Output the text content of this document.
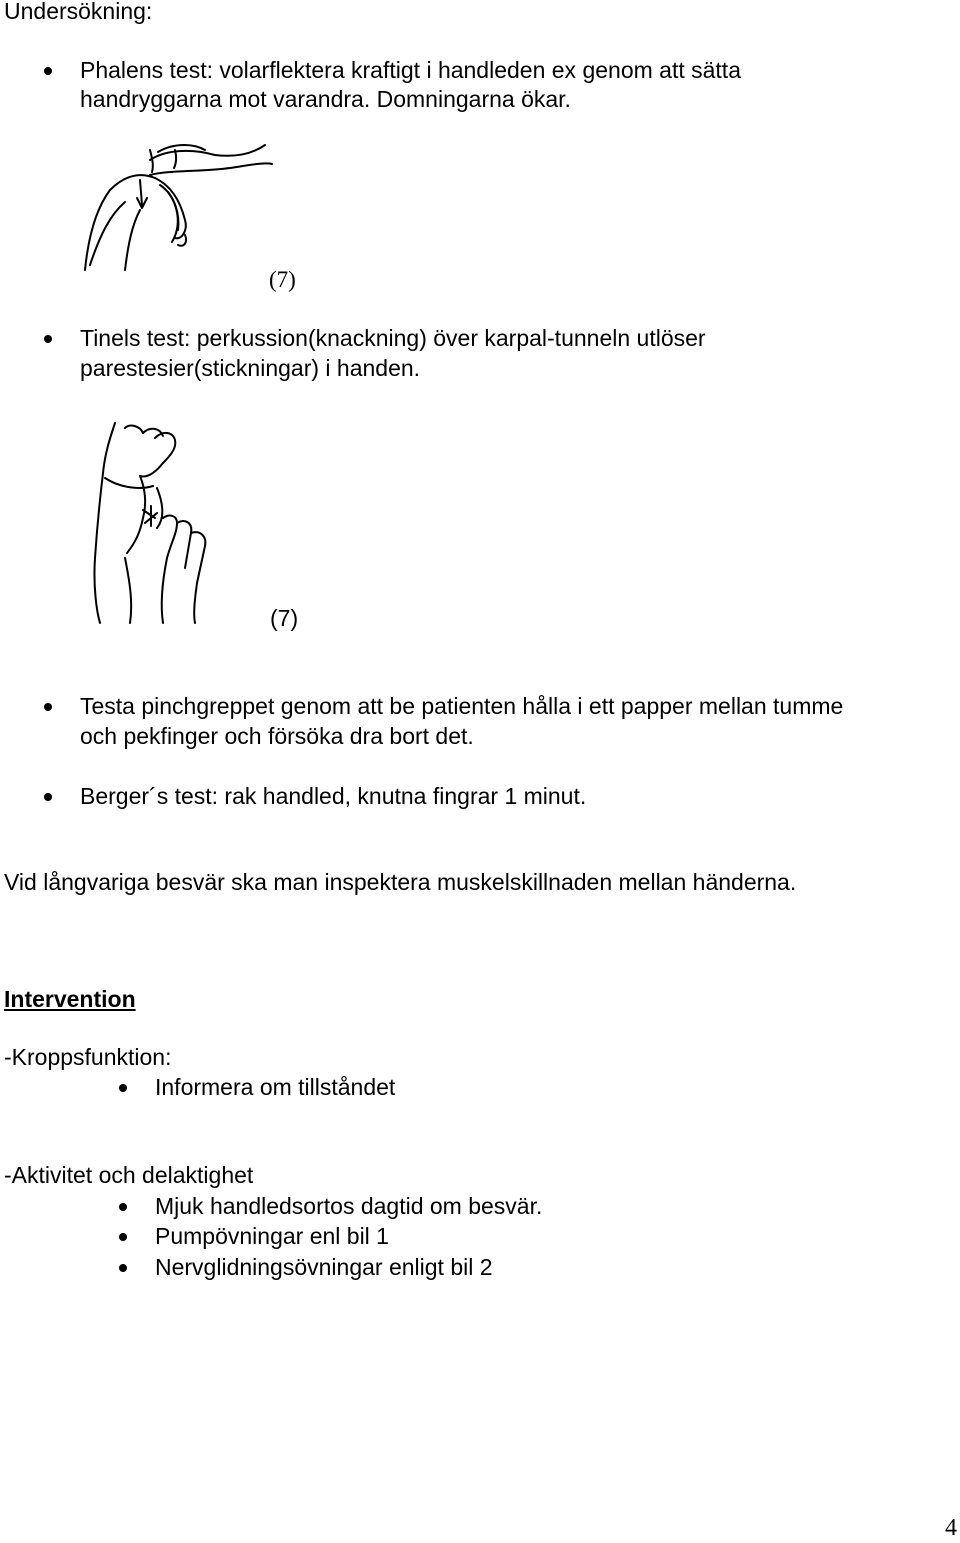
Undersökning:
Phalens test: volarflektera kraftigt i handleden ex genom att sätta
handryggarna mot varandra. Domningarna ökar.
(7)
Tinels test: perkussion(knackning) över karpal-tunneln utlöser
parestesier(stickningar) i handen.
(7)
Testa pinchgreppet genom att be patienten hålla i ett papper mellan tumme
och pekfinger och försöka dra bort det.
Berger´s test: rak handled, knutna fingrar 1 minut.
Vid långvariga besvär ska man inspektera muskelskillnaden mellan händerna.
Intervention
-Kroppsfunktion:
Informera om tillståndet
-Aktivitet och delaktighet
Mjuk handledsortos dagtid om besvär.
Pumpövningar enl bil 1
Nervglidningsövningar enligt bil 2
4
